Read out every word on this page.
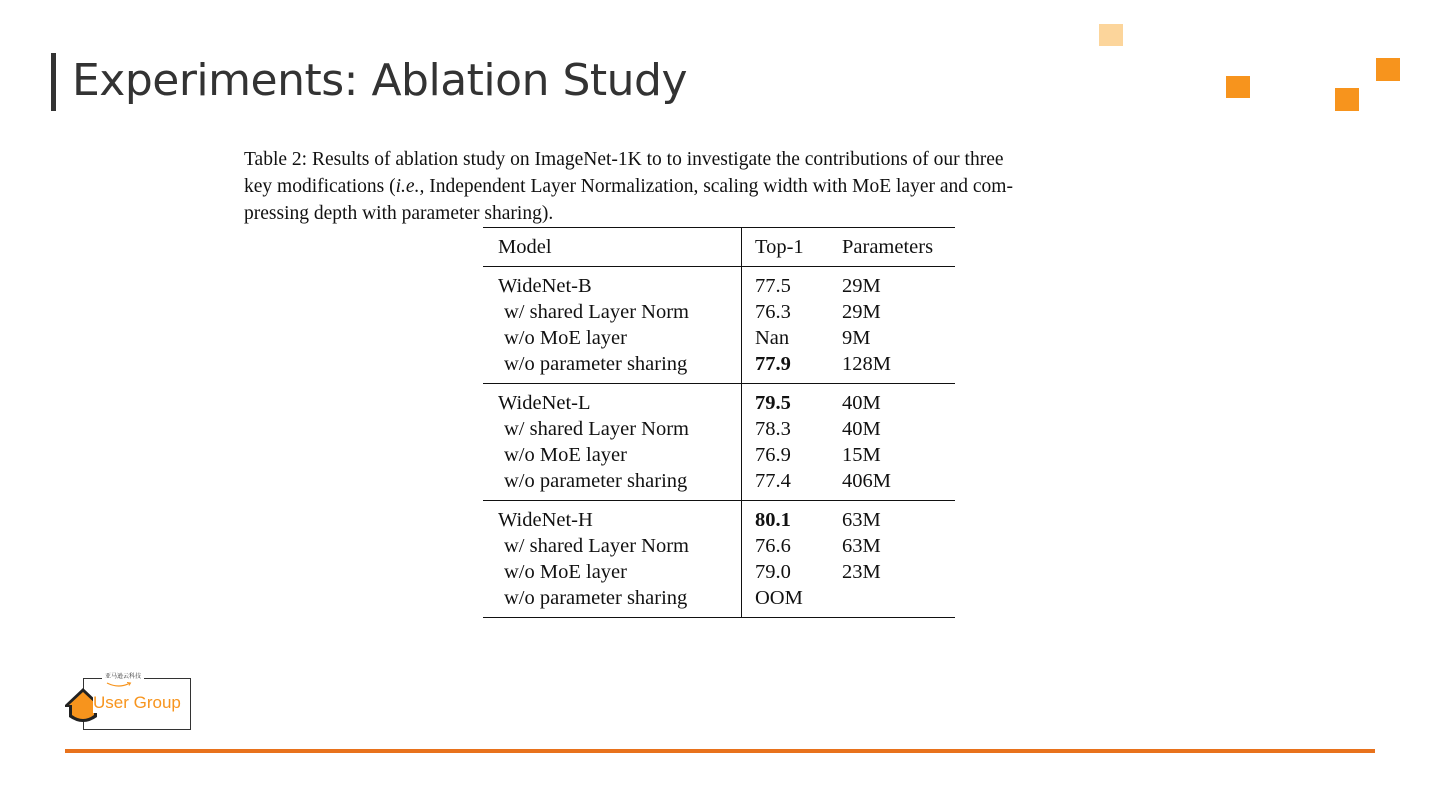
Experiments: Ablation Study
Table 2: Results of ablation study on ImageNet-1K to to investigate the contributions of our three
key modifications (i.e., Independent Layer Normalization, scaling width with MoE layer and com-
pressing depth with parameter sharing).
Model	Top-1	Parameters
WideNet-B	77.5	29M
w/ shared Layer Norm	76.3	29M
w/o MoE layer	Nan	9M
w/o parameter sharing	77.9	128M
WideNet-L	79.5	40M
w/ shared Layer Norm	78.3	40M
w/o MoE layer	76.9	15M
w/o parameter sharing	77.4	406M
WideNet-H	80.1	63M
w/ shared Layer Norm	76.6	63M
w/o MoE layer	79.0	23M
w/o parameter sharing	OOM	
亚马逊云科技
User Group
